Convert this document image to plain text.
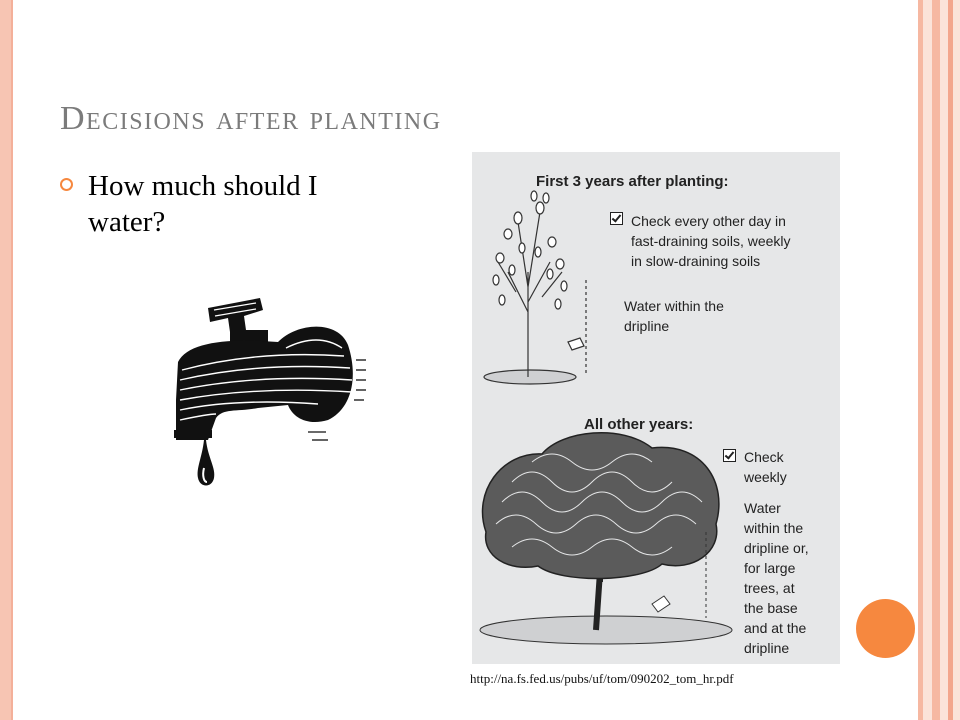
Decisions after planting
How much should I water?
First 3 years after planting:
Check every other day in
fast-draining soils, weekly
in slow-draining soils
Water within the
dripline
All other years:
Check
weekly
Water
within the
dripline or,
for large
trees, at
the base
and at the
dripline
http://na.fs.fed.us/pubs/uf/tom/090202_tom_hr.pdf
